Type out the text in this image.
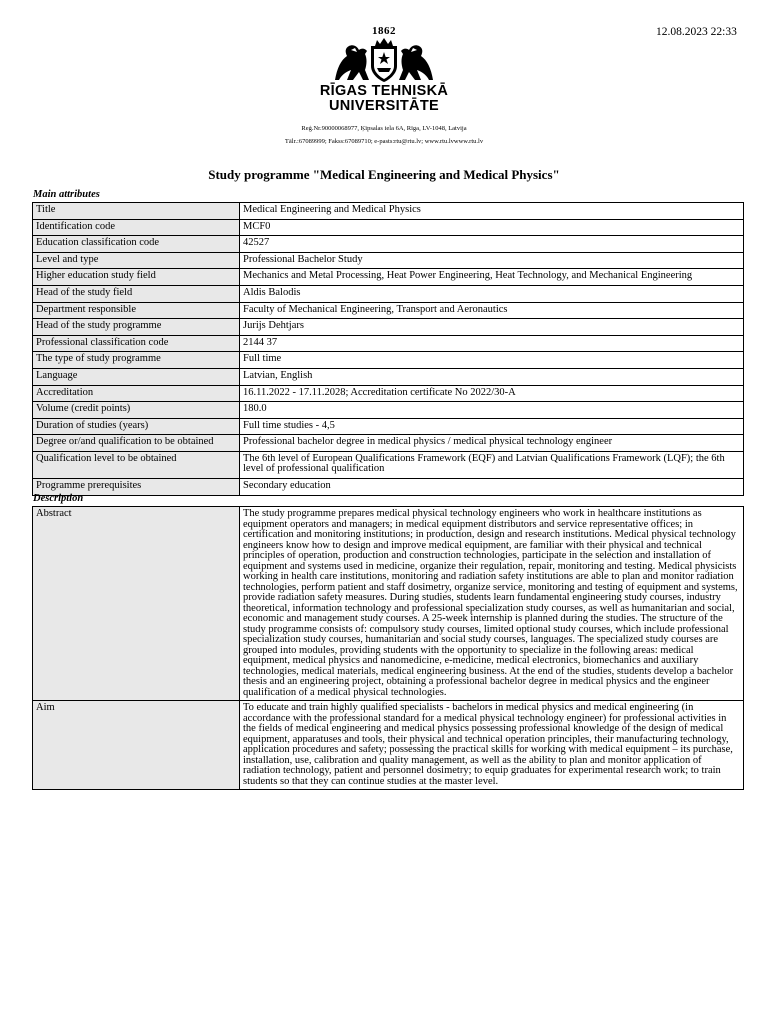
12.08.2023 22:33
1862
RĪGAS TEHNISKĀ
UNIVERSITĀTE
Reģ.Nr.90000068977, Ķīpsalas iela 6A, Rīga, LV-1048, Latvija
Tālr.:67089999; Fakss:67089710; e-pasts:rtu@rtu.lv; www.rtu.lvwww.rtu.lv
Study programme "Medical Engineering and Medical Physics"
Main attributes
Title	Medical Engineering and Medical Physics
Identification code	MCF0
Education classification code	42527
Level and type	Professional Bachelor Study
Higher education study field	Mechanics and Metal Processing, Heat Power Engineering, Heat Technology, and Mechanical Engineering
Head of the study field	Aldis Balodis
Department responsible	Faculty of Mechanical Engineering, Transport and Aeronautics
Head of the study programme	Jurijs Dehtjars
Professional classification code	2144 37
The type of study programme	Full time
Language	Latvian, English
Accreditation	16.11.2022 - 17.11.2028; Accreditation certificate No 2022/30-A
Volume (credit points)	180.0
Duration of studies (years)	Full time studies - 4,5
Degree or/and qualification to be obtained	Professional bachelor degree in medical physics / medical physical technology engineer
Qualification level to be obtained	The 6th level of European Qualifications Framework (EQF) and Latvian Qualifications Framework (LQF); the 6th level of professional qualification
Programme prerequisites	Secondary education
Description
Abstract	The study programme prepares medical physical technology engineers who work in healthcare institutions as equipment operators and managers; in medical equipment distributors and service representative offices; in certification and monitoring institutions; in production, design and research institutions. Medical physical technology engineers know how to design and improve medical equipment, are familiar with their physical and technical principles of operation, production and construction technologies, participate in the selection and installation of equipment and systems used in medicine, organize their regulation, repair, monitoring and testing. Medical physicists working in health care institutions, monitoring and radiation safety institutions are able to plan and monitor radiation technologies, perform patient and staff dosimetry, organize service, monitoring and testing of equipment and systems, provide radiation safety measures. During studies, students learn fundamental engineering study courses, industry theoretical, information technology and professional specialization study courses, as well as humanitarian and social, economic and management study courses. A 25-week internship is planned during the studies. The structure of the study programme consists of: compulsory study courses, limited optional study courses, which include professional specialization study courses, humanitarian and social study courses, languages. The specialized study courses are grouped into modules, providing students with the opportunity to specialize in the following areas: medical equipment, medical physics and nanomedicine, e-medicine, medical electronics, biomechanics and auxiliary technologies, medical materials, medical engineering business. At the end of the studies, students develop a bachelor thesis and an engineering project, obtaining a professional bachelor degree in medical physics and the engineer qualification of a medical physical technologies.
Aim	To educate and train highly qualified specialists - bachelors in medical physics and medical engineering (in accordance with the professional standard for a medical physical technology engineer) for professional activities in the fields of medical engineering and medical physics possessing professional knowledge of the design of medical equipment, apparatuses and tools, their physical and technical operation principles, their manufacturing technology, application procedures and safety; possessing the practical skills for working with medical equipment – its purchase, installation, use, calibration and quality management, as well as the ability to plan and monitor application of radiation technology, patient and personnel dosimetry; to equip graduates for experimental research work; to train students so that they can continue studies at the master level.
